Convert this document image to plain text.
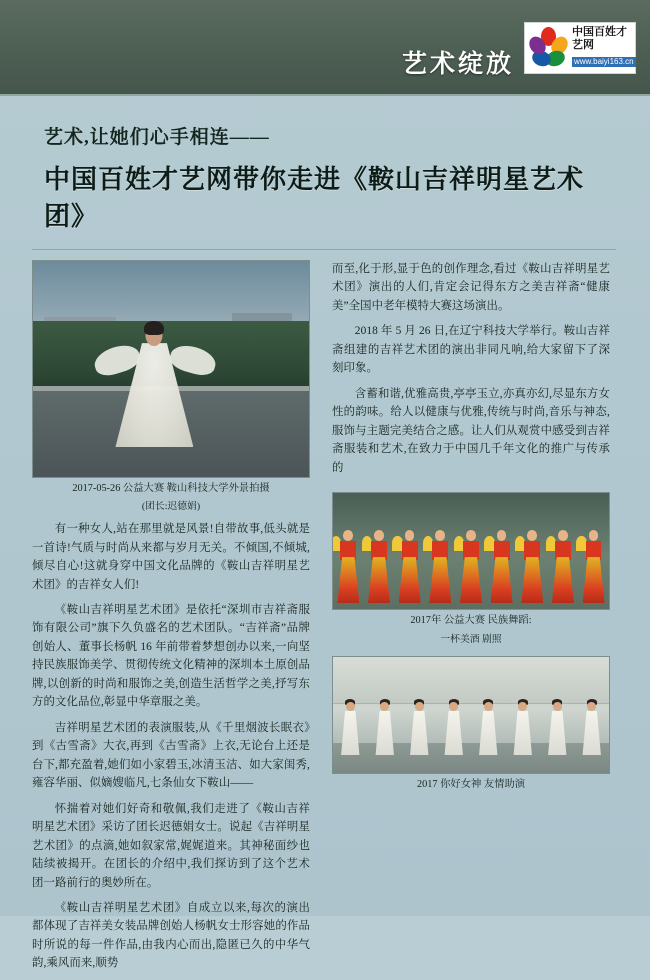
艺术绽放
中国百姓才艺网
www.baiyi163.cn
艺术,让她们心手相连——
中国百姓才艺网带你走进《鞍山吉祥明星艺术团》
2017-05-26 公益大赛 鞍山科技大学外景拍摄
(团长:迟德娟)

有一种女人,站在那里就是风景!自带故事,低头就是一首诗!气质与时尚从来都与岁月无关。不倾国,不倾城,倾尽自心!这就身穿中国文化品牌的《鞍山吉祥明星艺术团》的吉祥女人们!

《鞍山吉祥明星艺术团》是依托“深圳市吉祥斋服饰有限公司”旗下久负盛名的艺术团队。“吉祥斋”品牌创始人、董事长杨帆 16 年前带着梦想创办以来,一向坚持民族服饰美学、贯彻传统文化精神的深圳本土原创品牌,以创新的时尚和服饰之美,创造生活哲学之美,抒写东方的文化品位,彰显中华章服之美。

吉祥明星艺术团的表演服装,从《千里烟波长眠衣》到《古雪斋》大衣,再到《古雪斋》上衣,无论台上还是台下,都充盈着,她们如小家碧玉,冰清玉洁、如大家闺秀,雍容华丽、似嫡嫂临凡,七条仙女下鞍山——

怀揣着对她们好奇和敬佩,我们走进了《鞍山吉祥明星艺术团》采访了团长迟德娟女士。说起《吉祥明星艺术团》的点滴,她如叙家常,娓娓道来。其神秘面纱也陆续被揭开。在团长的介绍中,我们探访到了这个艺术团一路前行的奥妙所在。

《鞍山吉祥明星艺术团》自成立以来,每次的演出都体现了吉祥美女装品牌创始人杨帆女士形容她的作品时所说的每一件作品,由我内心而出,隐匿已久的中华气韵,乘风而来,顺势

而至,化于形,显于色的创作理念,看过《鞍山吉祥明星艺术团》演出的人们,肯定会记得东方之美吉祥斋“健康美”全国中老年模特大赛这场演出。

2018 年 5 月 26 日,在辽宁科技大学举行。鞍山吉祥斋组建的吉祥艺术团的演出非同凡响,给大家留下了深刻印象。

含蓄和谐,优雅高贵,亭亭玉立,亦真亦幻,尽显东方女性的韵味。给人以健康与优雅,传统与时尚,音乐与神态,服饰与主题完美结合之感。让人们从观赏中感受到吉祥斋服装和艺术,在致力于中国几千年文化的推广与传承的

2017年 公益大赛 民族舞蹈:
一杯美酒 剧照
2017 你好女神 友情助演
